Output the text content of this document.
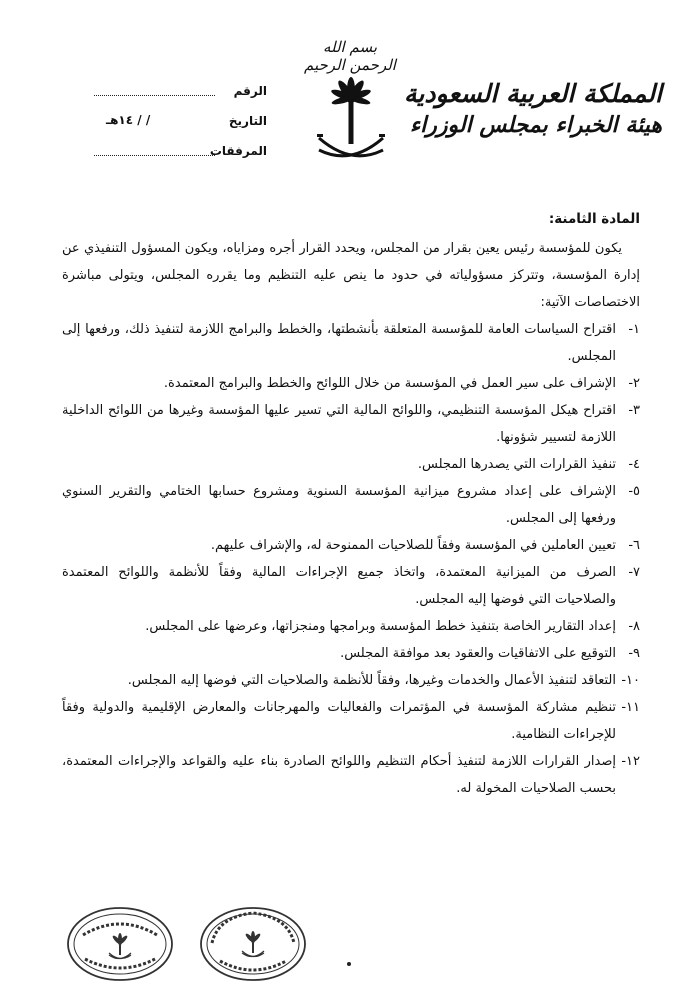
بسم الله الرحمن الرحيم
المملكة العربية السعودية
هيئة الخبراء بمجلس الوزراء
الرقم
التاريخ
/ / ١٤هـ
المرفقات
المادة الثامنة:

يكون للمؤسسة رئيس يعين بقرار من المجلس، ويحدد القرار أجره ومزاياه، ويكون المسؤول التنفيذي عن إدارة المؤسسة، وتتركز مسؤولياته في حدود ما ينص عليه التنظيم وما يقرره المجلس، ويتولى مباشرة الاختصاصات الآتية:

١-
اقتراح السياسات العامة للمؤسسة المتعلقة بأنشطتها، والخطط والبرامج اللازمة لتنفيذ ذلك، ورفعها إلى المجلس.
٢-
الإشراف على سير العمل في المؤسسة من خلال اللوائح والخطط والبرامج المعتمدة.
٣-
اقتراح هيكل المؤسسة التنظيمي، واللوائح المالية التي تسير عليها المؤسسة وغيرها من اللوائح الداخلية اللازمة لتسيير شؤونها.
٤-
تنفيذ القرارات التي يصدرها المجلس.
٥-
الإشراف على إعداد مشروع ميزانية المؤسسة السنوية ومشروع حسابها الختامي والتقرير السنوي ورفعها إلى المجلس.
٦-
تعيين العاملين في المؤسسة وفقاً للصلاحيات الممنوحة له، والإشراف عليهم.
٧-
الصرف من الميزانية المعتمدة، واتخاذ جميع الإجراءات المالية وفقاً للأنظمة واللوائح المعتمدة والصلاحيات التي فوضها إليه المجلس.
٨-
إعداد التقارير الخاصة بتنفيذ خطط المؤسسة وبرامجها ومنجزاتها، وعرضها على المجلس.
٩-
التوقيع على الاتفاقيات والعقود بعد موافقة المجلس.
١٠-
التعاقد لتنفيذ الأعمال والخدمات وغيرها، وفقاً للأنظمة والصلاحيات التي فوضها إليه المجلس.
١١-
تنظيم مشاركة المؤسسة في المؤتمرات والفعاليات والمهرجانات والمعارض الإقليمية والدولية وفقاً للإجراءات النظامية.
١٢-
إصدار القرارات اللازمة لتنفيذ أحكام التنظيم واللوائح الصادرة بناء عليه والقواعد والإجراءات المعتمدة، بحسب الصلاحيات المخولة له.
